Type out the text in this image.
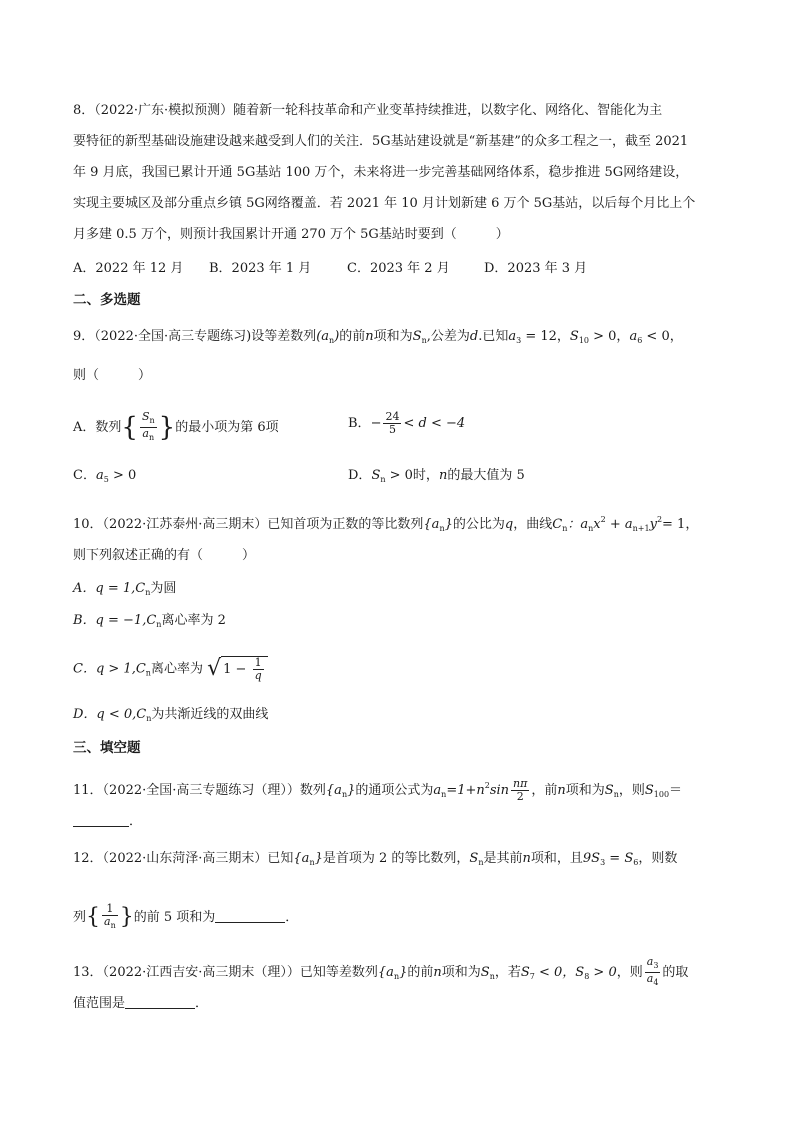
8．（2022·广东·模拟预测）随着新一轮科技革命和产业变革持续推进，以数字化、网络化、智能化为主
要特征的新型基础设施建设越来越受到人们的关注．5G基站建设就是“新基建”的众多工程之一，截至 2021
年 9 月底，我国已累计开通 5G基站 100 万个，未来将进一步完善基础网络体系，稳步推进 5G网络建设，
实现主要城区及部分重点乡镇 5G网络覆盖．若 2021 年 10 月计划新建 6 万个 5G基站，以后每个月比上个
月多建 0.5 万个，则预计我国累计开通 270 万个 5G基站时要到（　　　）
A．2022 年 12 月 B．2023 年 1 月	C．2023 年 2 月	D．2023 年 3 月
二、多选题
9．（2022·全国·高三专题练习)设等差数列$(a_n)$的前n项和为$S_n$,公差为d.已知$a_3 = 12$，$S_{10} > 0$，$a_6 < 0$，
则（　　　）
A．数列{ $\frac{S_n}{a_n}$ }的最小项为第 6项	B．− $\frac{24}{5} < d < -4$
C．$a_5 > 0$	D．$S_n > 0$时，n的最大值为 5
10．（2022·江苏泰州·高三期末）已知首项为正数的等比数列$\{a_n\}$的公比为q，曲线$C_n$：$a_nx^2 + a_{n+1}y^2= 1$，
则下列叙述正确的有（　　　）
A．$q = 1,C_n$为圆
B．$q = -1,C_n$离心率为 2
C．$q > 1,C_n$离心率为 √ $1 - \frac{1}{q}$
D．$q < 0,C_n$为共渐近线的双曲线
三、填空题
11．（2022·全国·高三专题练习（理））数列$\{a_n\}$的通项公式为$a_n=1+n^2\sin \frac{n\pi}{2}$ ，前n项和为$S_n$，则$S_{100}=$
．
12．（2022·山东菏泽·高三期末）已知$\{a_n\}$是首项为 2 的等比数列，$S_n$是其前n项和，且$9S_3 = S_6$，则数
列{ $\frac{1}{a_n}$ }的前 5 项和为	．
13．（2022·江西吉安·高三期末（理））已知等差数列$\{a_n\}$的前n项和为$S_n$，若$S_7 < 0$，$S_8 > 0$，则 $\frac{a_3}{a_4}$ 的取
值范围是	．
